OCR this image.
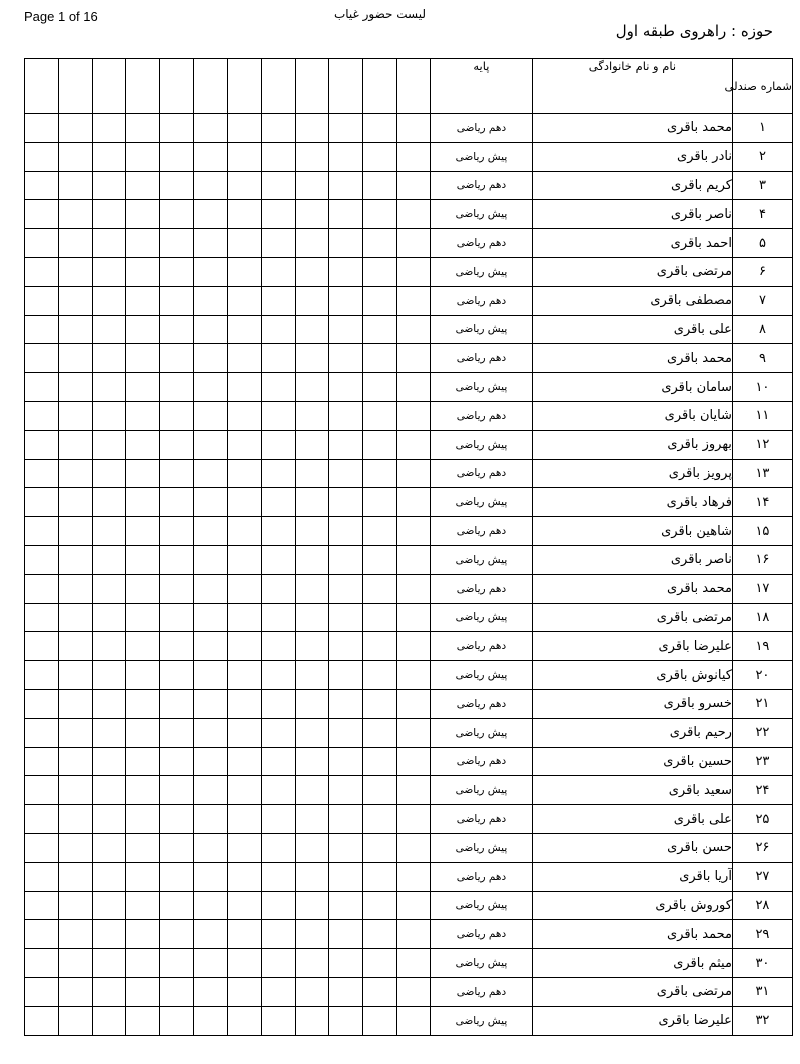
Page 1 of 16	لیست حضور غیاب
حوزه : راهروی طبقه اول
												پایه	نام و نام خانوادگی	شماره صندلی
												دهم ریاضی	محمد باقری	۱
												پیش ریاضی	نادر باقری	۲
												دهم ریاضی	کریم باقری	۳
												پیش ریاضی	ناصر باقری	۴
												دهم ریاضی	احمد باقری	۵
												پیش ریاضی	مرتضی باقری	۶
												دهم ریاضی	مصطفی باقری	۷
												پیش ریاضی	علی باقری	۸
												دهم ریاضی	محمد باقری	۹
												پیش ریاضی	سامان باقری	۱۰
												دهم ریاضی	شایان باقری	۱۱
												پیش ریاضی	بهروز باقری	۱۲
												دهم ریاضی	پرویز باقری	۱۳
												پیش ریاضی	فرهاد باقری	۱۴
												دهم ریاضی	شاهین باقری	۱۵
												پیش ریاضی	ناصر باقری	۱۶
												دهم ریاضی	محمد باقری	۱۷
												پیش ریاضی	مرتضی باقری	۱۸
												دهم ریاضی	علیرضا باقری	۱۹
												پیش ریاضی	کیانوش باقری	۲۰
												دهم ریاضی	خسرو باقری	۲۱
												پیش ریاضی	رحیم باقری	۲۲
												دهم ریاضی	حسین باقری	۲۳
												پیش ریاضی	سعید باقری	۲۴
												دهم ریاضی	علی باقری	۲۵
												پیش ریاضی	حسن باقری	۲۶
												دهم ریاضی	آریا باقری	۲۷
												پیش ریاضی	کوروش باقری	۲۸
												دهم ریاضی	محمد باقری	۲۹
												پیش ریاضی	میثم باقری	۳۰
												دهم ریاضی	مرتضی باقری	۳۱
												پیش ریاضی	علیرضا باقری	۳۲
